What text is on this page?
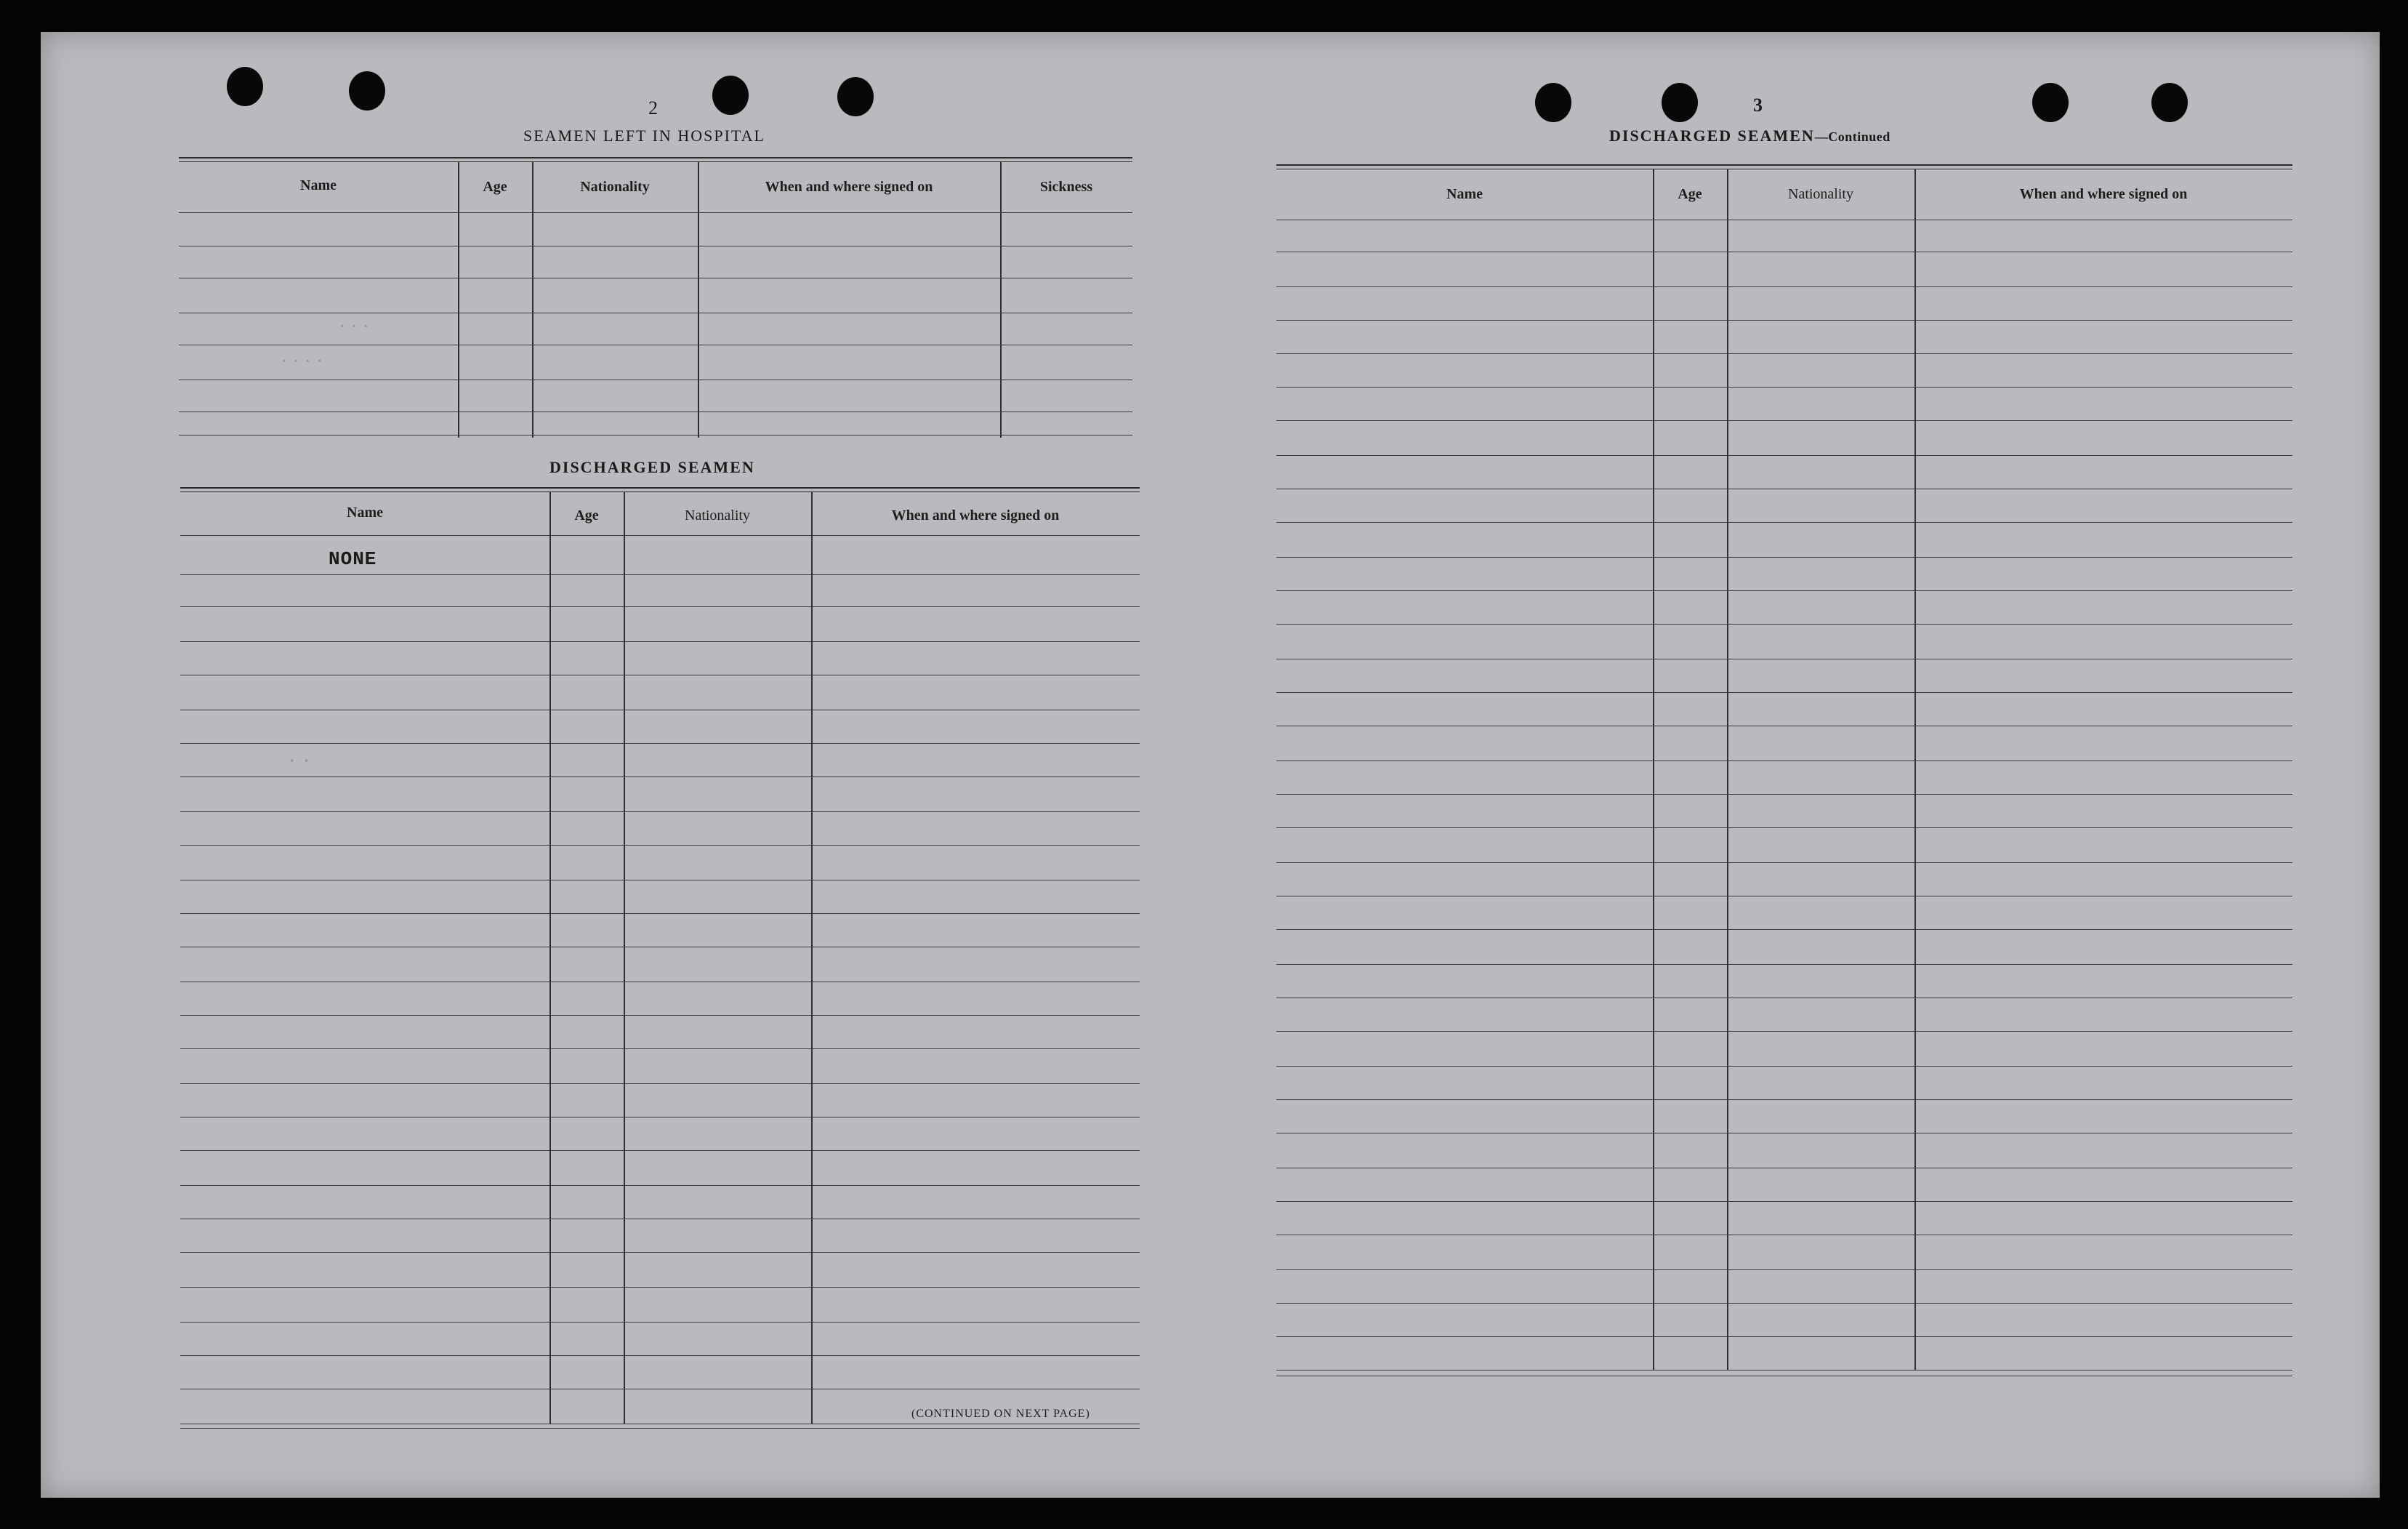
2
SEAMEN LEFT IN HOSPITAL
Name	Age	Nationality	When and where signed on	Sickness
· · ·
· · · ·
· ·
DISCHARGED SEAMEN
Name	Age	Nationality	When and where signed on
NONE
(CONTINUED ON NEXT PAGE)
3
DISCHARGED SEAMEN—Continued
Name	Age	Nationality	When and where signed on
